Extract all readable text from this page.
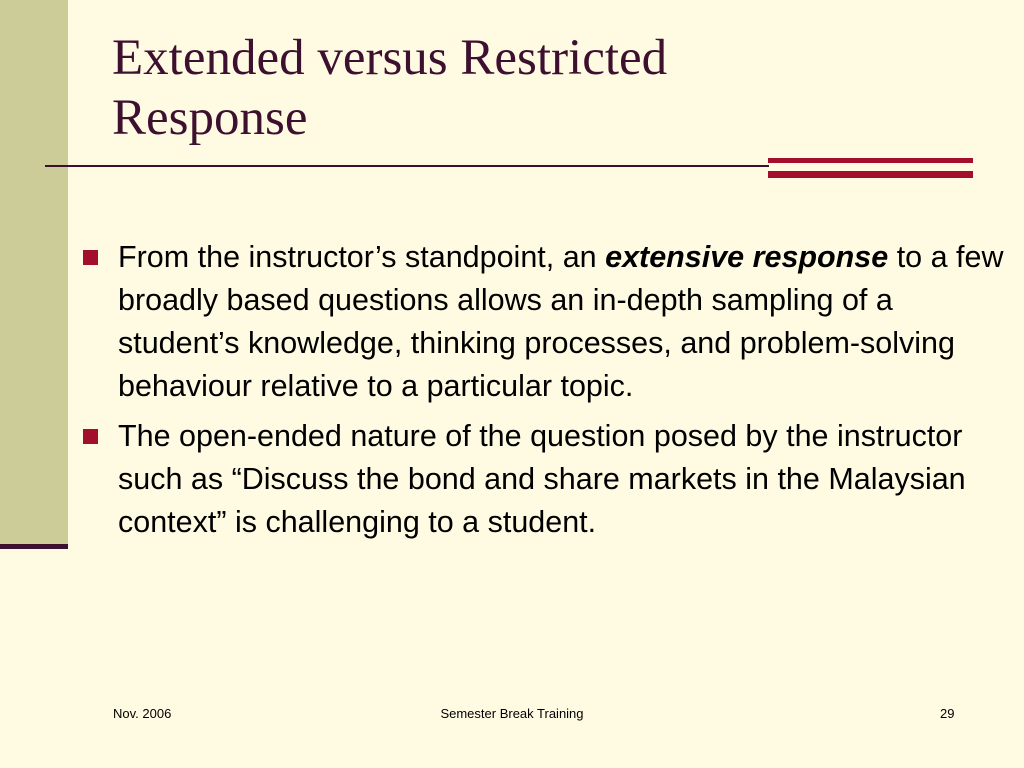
Extended versus Restricted
Response
From the instructor’s standpoint, an extensive response to a few broadly based questions allows an in-depth sampling of a student’s knowledge, thinking processes, and problem-solving behaviour relative to a particular topic.
The open-ended nature of the question posed by the instructor such as “Discuss the bond and share markets in the Malaysian context” is challenging to a student.
Nov. 2006	Semester Break Training	29
